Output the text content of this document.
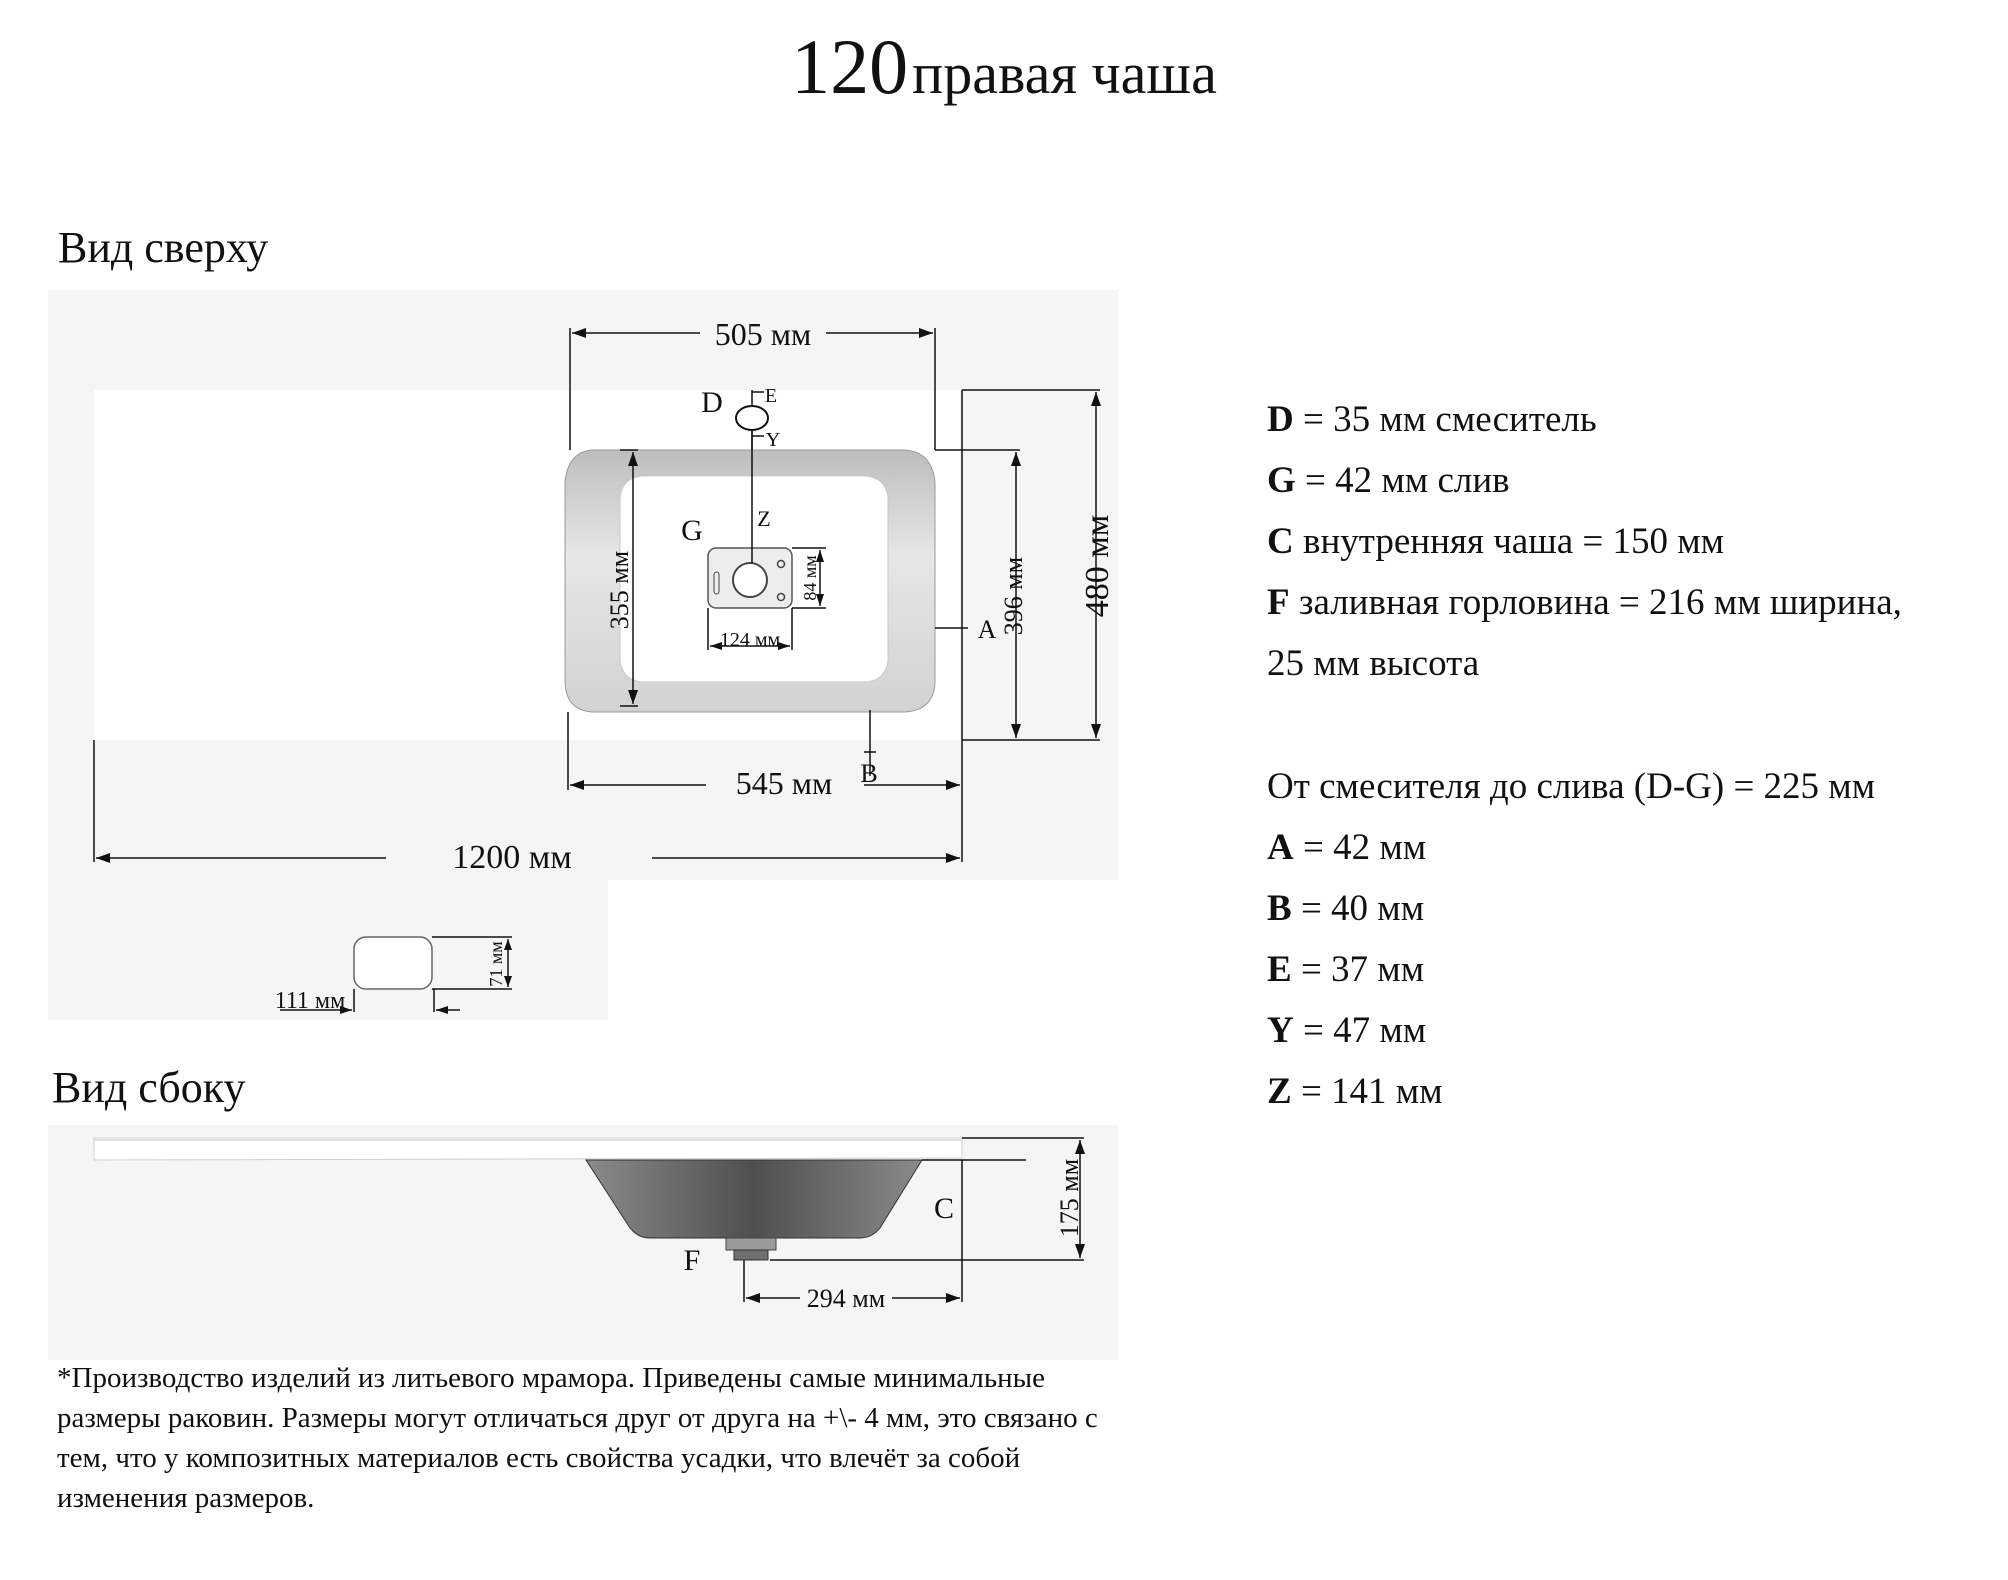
120 правая чаша
Вид сверху
Вид сбоку
505 мм
545 мм
1200 мм
480 мм
396 мм
355 мм
124 мм
84 мм
D E
Y
Z
G
A
B
111 мм
71 мм
C
F
175 мм
294 мм
D = 35 мм смеситель
G = 42 мм слив
C внутренняя чаша = 150 мм
F заливная горловина = 216 мм ширина,
25 мм высота
От смесителя до слива (D-G) = 225 мм
A = 42 мм
B = 40 мм
E = 37 мм
Y = 47 мм
Z = 141 мм
*Производство изделий из литьевого мрамора. Приведены самые минимальные размеры раковин. Размеры могут отличаться друг от друга на +\- 4 мм, это связано с тем, что у композитных материалов есть свойства усадки, что влечёт за собой изменения размеров.
